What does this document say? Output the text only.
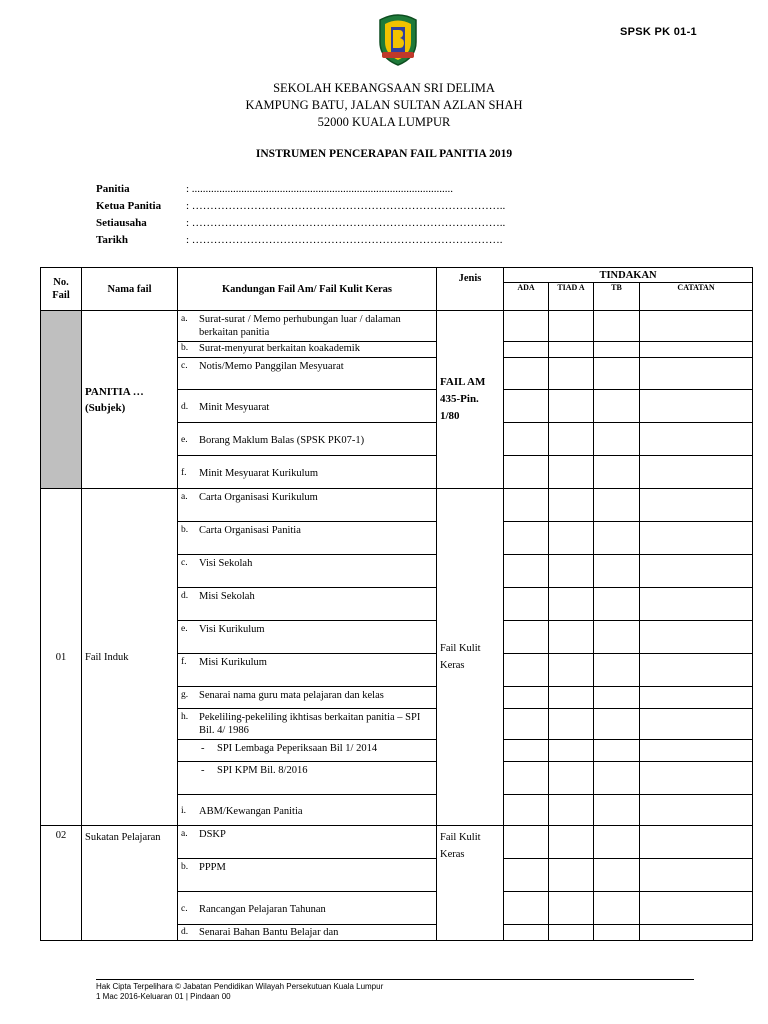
SPSK PK 01-1
SEKOLAH KEBANGSAAN SRI DELIMA
KAMPUNG BATU, JALAN SULTAN AZLAN SHAH
52000 KUALA LUMPUR
INSTRUMEN PENCERAPAN FAIL PANITIA 2019
Panitia	: ...............................................................................................
Ketua Panitia : …………………………………………………………………………..
Setiausaha	: …………………………………………………………………………..
Tarikh	: ………………………………………………………………………….
No. Fail	Nama fail	Kandungan Fail Am/ Fail Kulit Keras	Jenis	TINDAKAN			
				ADA	TIAD A	TB	CATATAN
	PANITIA … (Subjek)	a. Surat-surat / Memo perhubungan luar / dalaman berkaitan panitia	FAIL AM 435-Pin. 1/80				

		b. Surat-menyurat berkaitan koakademik					

		c. Notis/Memo Panggilan Mesyuarat					

		d. Minit Mesyuarat					

		e. Borang Maklum Balas (SPSK PK07-1)					

		f. Minit Mesyuarat Kurikulum					

01	Fail Induk	a. Carta Organisasi Kurikulum	Fail Kulit Keras				

		b. Carta Organisasi Panitia					

		c. Visi Sekolah					

		d. Misi Sekolah					

		e. Visi Kurikulum					

		f. Misi Kurikulum					

		g. Senarai nama guru mata pelajaran dan kelas					

		h. Pekeliling-pekeliling ikhtisas berkaitan panitia – SPI Bil. 4/ 1986					

		- SPI Lembaga Peperiksaan Bil 1/ 2014					

		- SPI KPM Bil. 8/2016					

		i. ABM/Kewangan Panitia					

02	Sukatan Pelajaran	a. DSKP	Fail Kulit Keras				

		b. PPPM					

		c. Rancangan Pelajaran Tahunan					

		d. Senarai Bahan Bantu Belajar dan					

Hak Cipta Terpelihara © Jabatan Pendidikan Wilayah Persekutuan Kuala Lumpur
1 Mac 2016-Keluaran 01 | Pindaan 00
